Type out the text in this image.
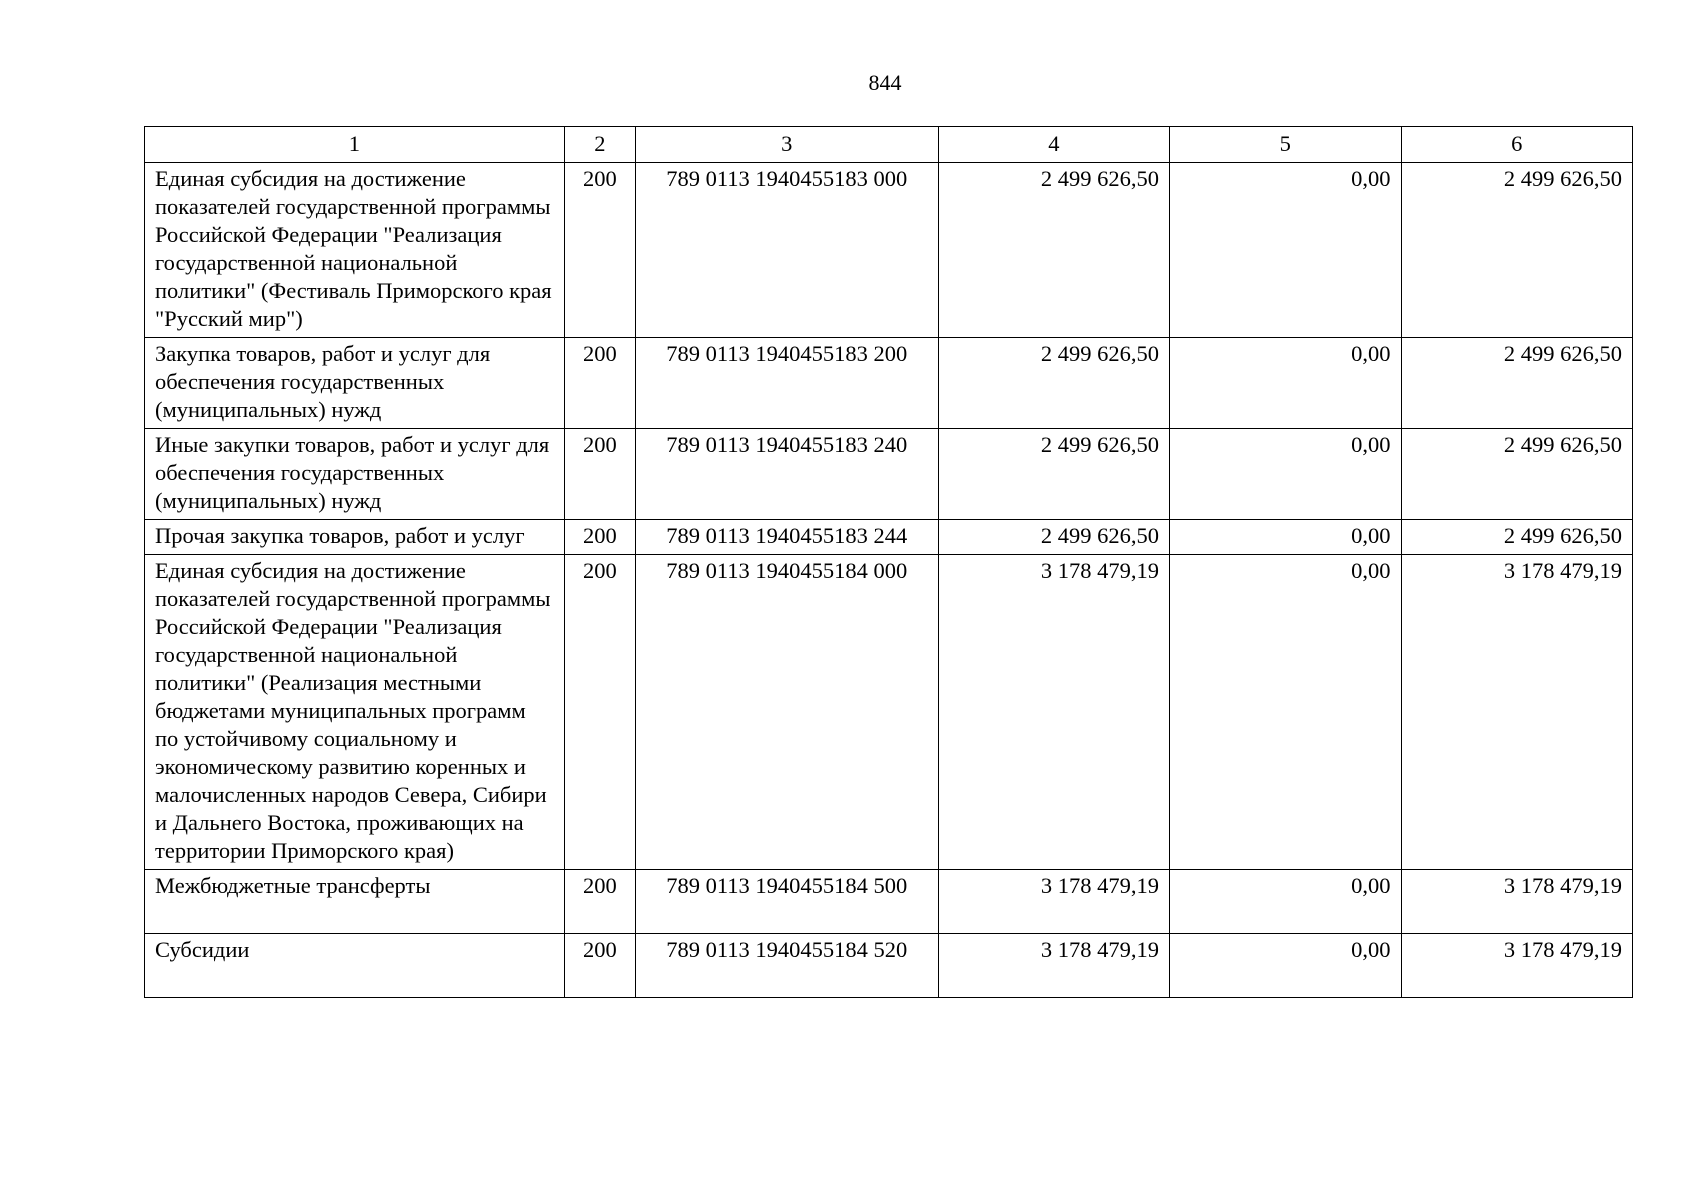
844
1	2	3	4	5	6
Единая субсидия на достижение показателей государственной программы Российской Федерации "Реализация государственной национальной политики" (Фестиваль Приморского края "Русский мир")	200	789 0113 1940455183 000	2 499 626,50	0,00	2 499 626,50
Закупка товаров, работ и услуг для обеспечения государственных (муниципальных) нужд	200	789 0113 1940455183 200	2 499 626,50	0,00	2 499 626,50
Иные закупки товаров, работ и услуг для обеспечения государственных (муниципальных) нужд	200	789 0113 1940455183 240	2 499 626,50	0,00	2 499 626,50
Прочая закупка товаров, работ и услуг	200	789 0113 1940455183 244	2 499 626,50	0,00	2 499 626,50
Единая субсидия на достижение показателей государственной программы Российской Федерации "Реализация государственной национальной политики" (Реализация местными бюджетами муниципальных программ по устойчивому социальному и экономическому развитию коренных и малочисленных народов Севера, Сибири и Дальнего Востока, проживающих на территории Приморского края)	200	789 0113 1940455184 000	3 178 479,19	0,00	3 178 479,19
Межбюджетные трансферты	200	789 0113 1940455184 500	3 178 479,19	0,00	3 178 479,19
Субсидии	200	789 0113 1940455184 520	3 178 479,19	0,00	3 178 479,19
